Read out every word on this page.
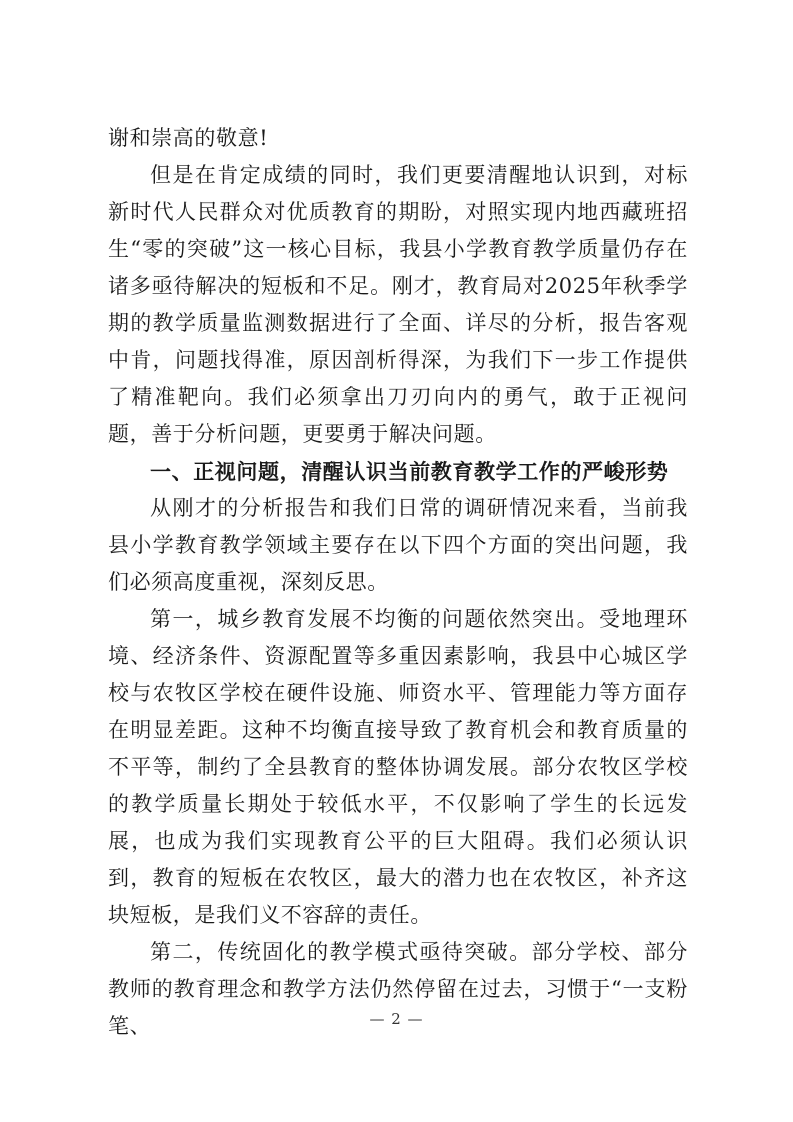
谢和崇高的敬意!

但是在肯定成绩的同时，我们更要清醒地认识到，对标新时代人民群众对优质教育的期盼，对照实现内地西藏班招生“零的突破”这一核心目标，我县小学教育教学质量仍存在诸多亟待解决的短板和不足。刚才，教育局对2025年秋季学期的教学质量监测数据进行了全面、详尽的分析，报告客观中肯，问题找得准，原因剖析得深，为我们下一步工作提供了精准靶向。我们必须拿出刀刃向内的勇气，敢于正视问题，善于分析问题，更要勇于解决问题。

一、正视问题，清醒认识当前教育教学工作的严峻形势

从刚才的分析报告和我们日常的调研情况来看，当前我县小学教育教学领域主要存在以下四个方面的突出问题，我们必须高度重视，深刻反思。

第一，城乡教育发展不均衡的问题依然突出。受地理环境、经济条件、资源配置等多重因素影响，我县中心城区学校与农牧区学校在硬件设施、师资水平、管理能力等方面存在明显差距。这种不均衡直接导致了教育机会和教育质量的不平等，制约了全县教育的整体协调发展。部分农牧区学校的教学质量长期处于较低水平，不仅影响了学生的长远发展，也成为我们实现教育公平的巨大阻碍。我们必须认识到，教育的短板在农牧区，最大的潜力也在农牧区，补齐这块短板，是我们义不容辞的责任。

第二，传统固化的教学模式亟待突破。部分学校、部分教师的教育理念和教学方法仍然停留在过去，习惯于“一支粉笔、	— 2 —
